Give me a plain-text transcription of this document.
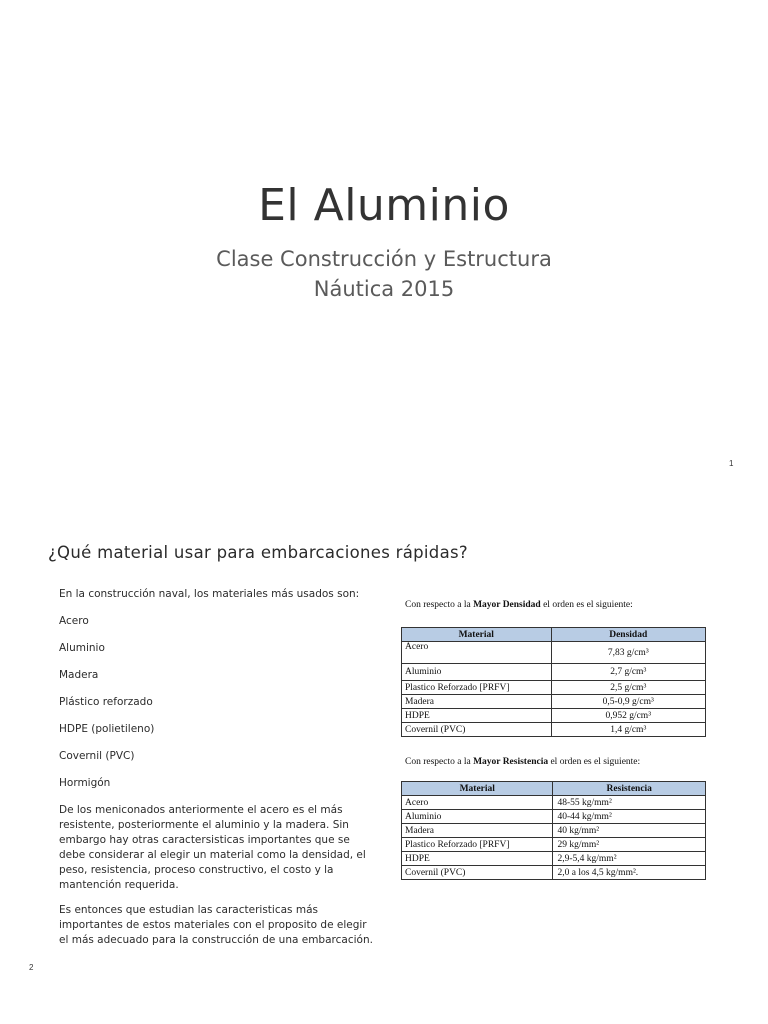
El Aluminio
Clase Construcción y Estructura
Náutica 2015
1
¿Qué material usar para embarcaciones rápidas?

En la construcción naval, los materiales más usados son:

Acero

Aluminio

Madera

Plástico reforzado

HDPE (polietileno)

Covernil (PVC)

Hormigón

De los meniconados anteriormente el acero es el más resistente, posteriormente el aluminio y la madera. Sin embargo hay otras caractersisticas importantes que se debe considerar al elegir un material como la densidad, el peso, resistencia, proceso constructivo, el costo y la mantención requerida.

Es entonces que estudian las caracteristicas más importantes de estos materiales con el proposito de elegir el más adecuado para la construcción de una embarcación.

Con respecto a la Mayor Densidad el orden es el siguiente:

Material	Densidad
Acero	7,83 g/cm³
Aluminio	2,7 g/cm³
Plastico Reforzado [PRFV]	2,5 g/cm³
Madera	0,5-0,9 g/cm³
HDPE	0,952 g/cm³
Covernil (PVC)	1,4 g/cm³

Con respecto a la Mayor Resistencia el orden es el siguiente:

Material	Resistencia
Acero	48-55 kg/mm²
Aluminio	40-44 kg/mm²
Madera	40 kg/mm²
Plastico Reforzado [PRFV]	29 kg/mm²
HDPE	2,9-5,4 kg/mm²
Covernil (PVC)	2,0 a los 4,5 kg/mm².
2
